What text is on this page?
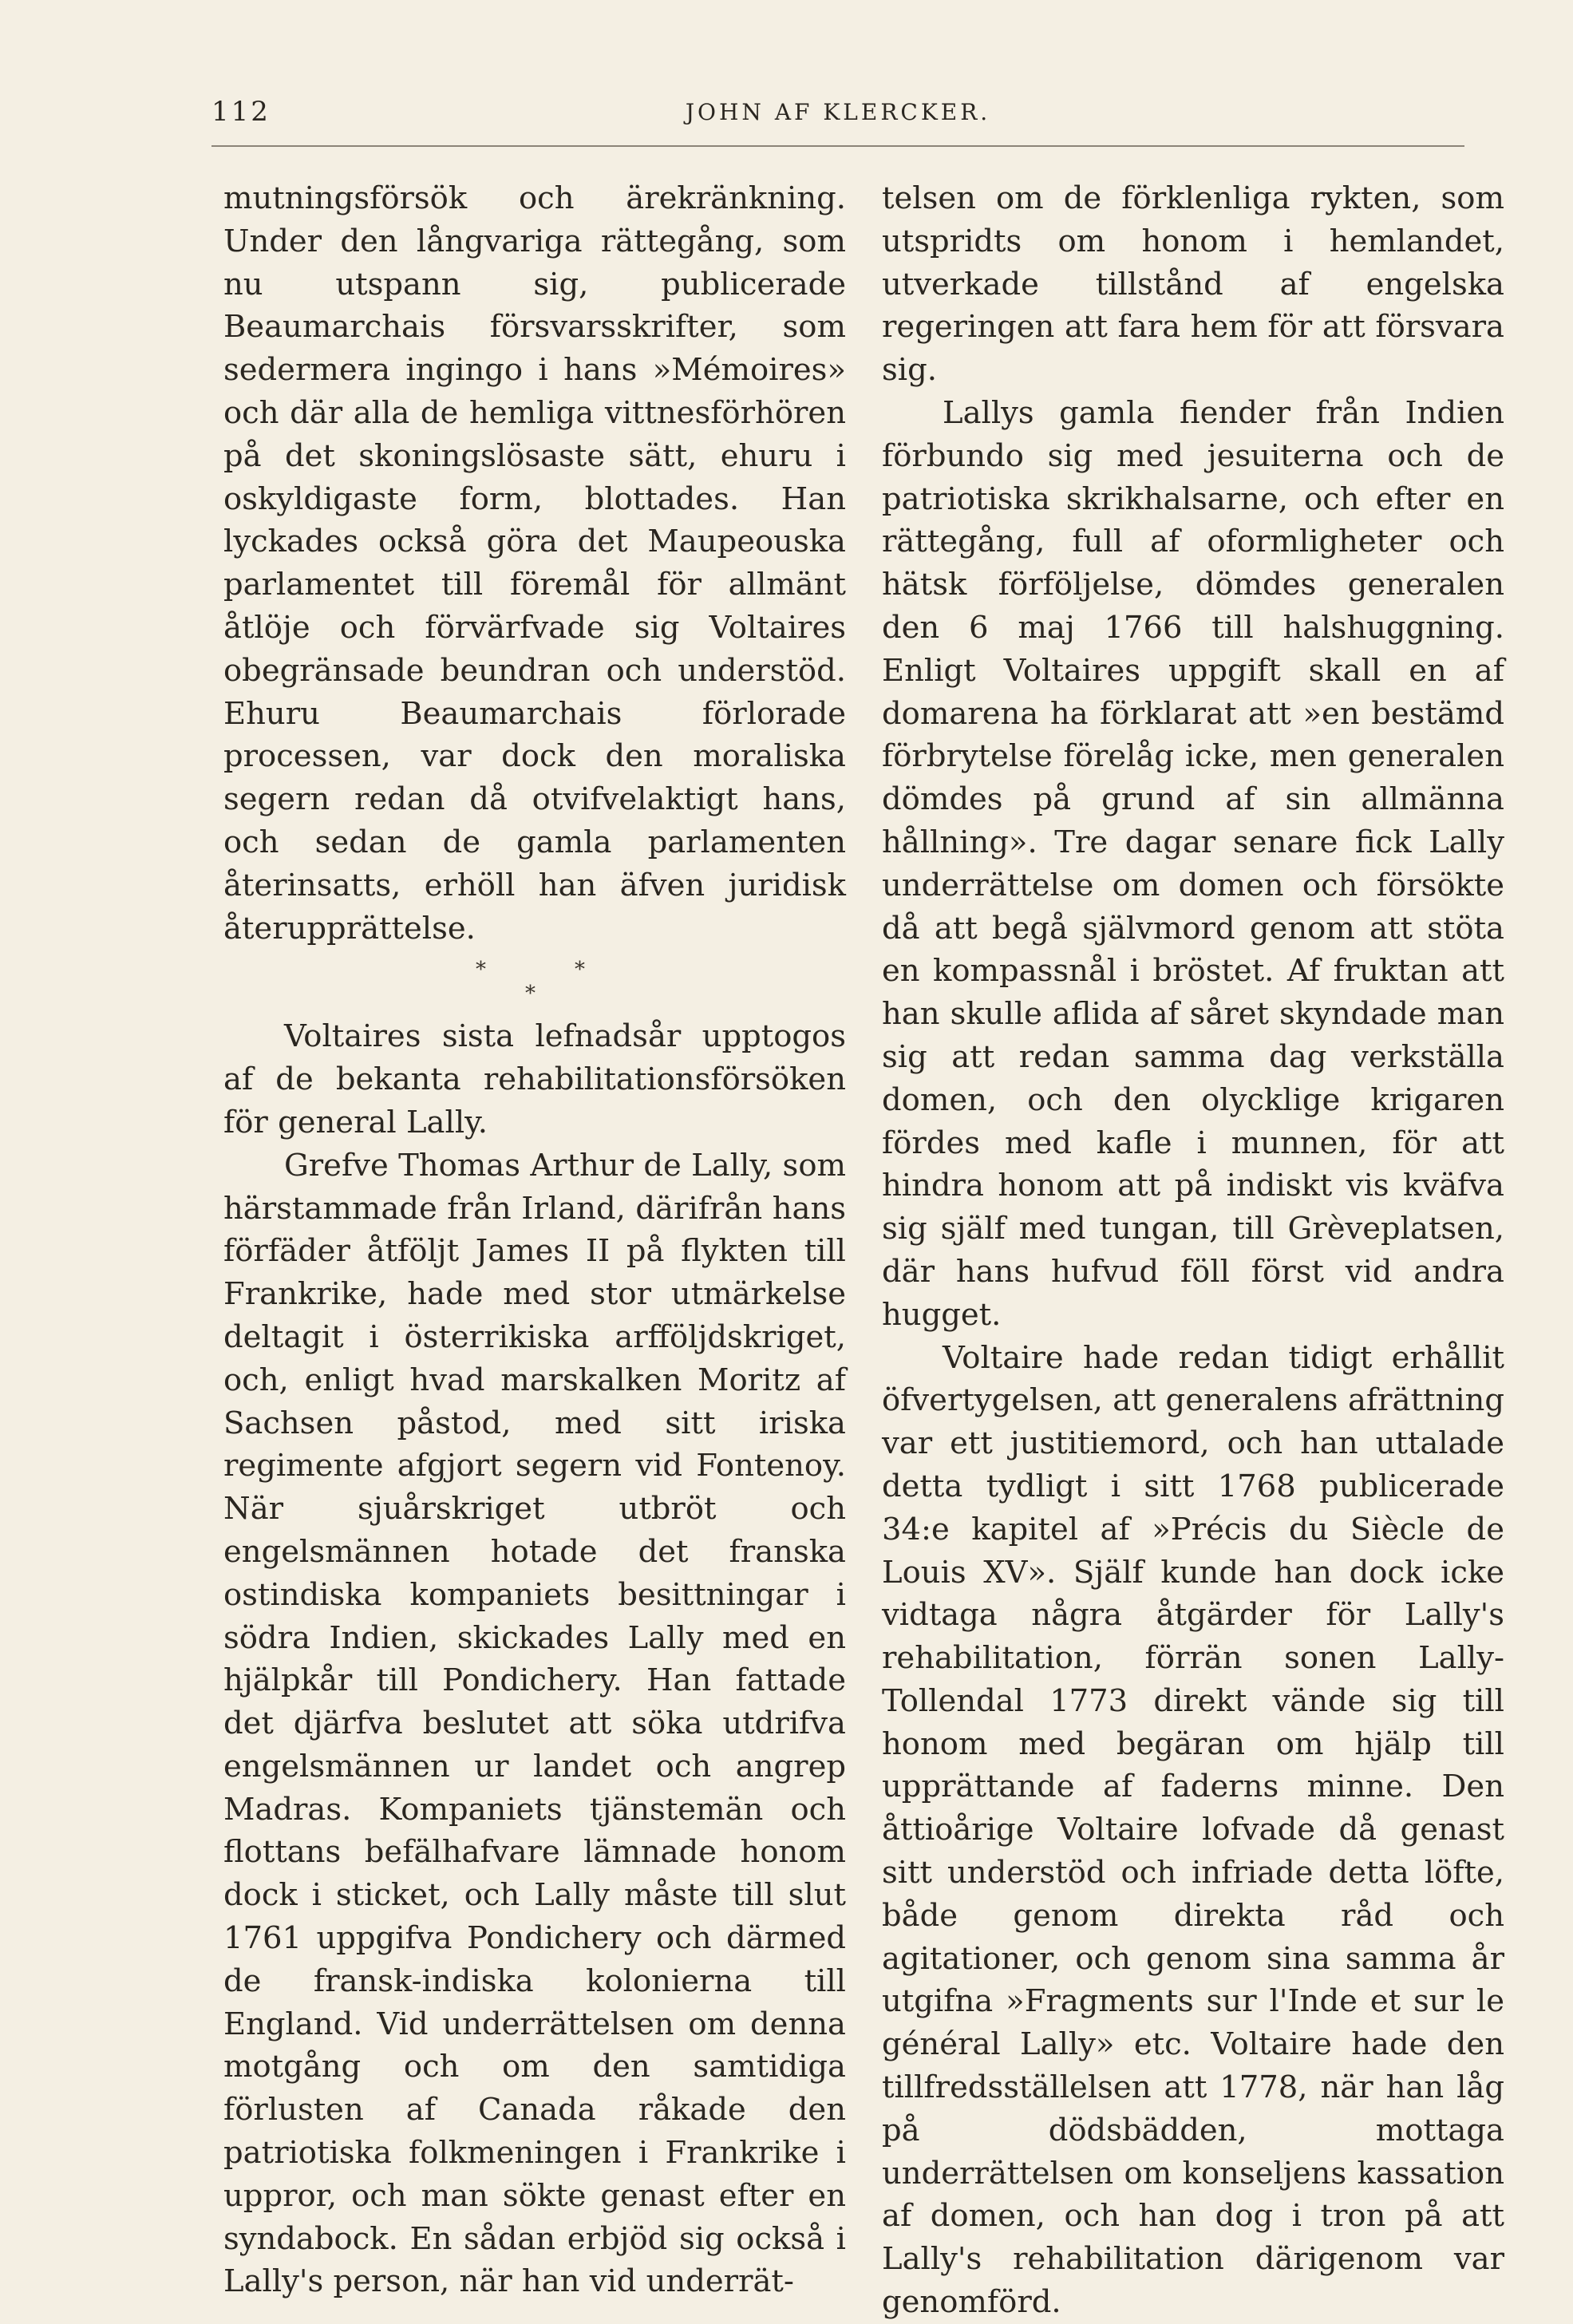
112	JOHN AF KLERCKER.

mutningsförsök och ärekränkning. Under den långvariga rättegång, som nu utspann sig, publicerade Beaumarchais försvarsskrifter, som sedermera ingingo i hans »Mémoires» och där alla de hemliga vittnesförhören på det skoningslösaste sätt, ehuru i oskyldigaste form, blottades. Han lyckades också göra det Maupeouska parlamentet till föremål för allmänt åtlöje och förvärfvade sig Voltaires obegränsade beundran och understöd. Ehuru Beaumarchais förlorade processen, var dock den moraliska segern redan då otvifvelaktigt hans, och sedan de gamla parlamenten återinsatts, erhöll han äfven juridisk återupprättelse.

*	*
*

Voltaires sista lefnadsår upptogos af de bekanta rehabilitationsförsöken för general Lally.

Grefve Thomas Arthur de Lally, som härstammade från Irland, därifrån hans förfäder åtföljt James II på flykten till Frankrike, hade med stor utmärkelse deltagit i österrikiska arfföljdskriget, och, enligt hvad marskalken Moritz af Sachsen påstod, med sitt iriska regimente afgjort segern vid Fontenoy. När sjuårskriget utbröt och engelsmännen hotade det franska ostindiska kompaniets besittningar i södra Indien, skickades Lally med en hjälpkår till Pondichery. Han fattade det djärfva beslutet att söka utdrifva engelsmännen ur landet och angrep Madras. Kompaniets tjänstemän och flottans befälhafvare lämnade honom dock i sticket, och Lally måste till slut 1761 uppgifva Pondichery och därmed de fransk-indiska kolonierna till England. Vid underrättelsen om denna motgång och om den samtidiga förlusten af Canada råkade den patriotiska folkmeningen i Frankrike i uppror, och man sökte genast efter en syndabock. En sådan erbjöd sig också i Lally's person, när han vid underrät-

telsen om de förklenliga rykten, som utspridts om honom i hemlandet, utverkade tillstånd af engelska regeringen att fara hem för att försvara sig.

Lallys gamla fiender från Indien förbundo sig med jesuiterna och de patriotiska skrikhalsarne, och efter en rättegång, full af oformligheter och hätsk förföljelse, dömdes generalen den 6 maj 1766 till halshuggning. Enligt Voltaires uppgift skall en af domarena ha förklarat att »en bestämd förbrytelse förelåg icke, men generalen dömdes på grund af sin allmänna hållning». Tre dagar senare fick Lally underrättelse om domen och försökte då att begå självmord genom att stöta en kompassnål i bröstet. Af fruktan att han skulle aflida af såret skyndade man sig att redan samma dag verkställa domen, och den olycklige krigaren fördes med kafle i munnen, för att hindra honom att på indiskt vis kväfva sig själf med tungan, till Grèveplatsen, där hans hufvud föll först vid andra hugget.

Voltaire hade redan tidigt erhållit öfvertygelsen, att generalens afrättning var ett justitiemord, och han uttalade detta tydligt i sitt 1768 publicerade 34:e kapitel af »Précis du Siècle de Louis XV». Själf kunde han dock icke vidtaga några åtgärder för Lally's rehabilitation, förrän sonen Lally-Tollendal 1773 direkt vände sig till honom med begäran om hjälp till upprättande af faderns minne. Den åttioårige Voltaire lofvade då genast sitt understöd och infriade detta löfte, både genom direkta råd och agitationer, och genom sina samma år utgifna »Fragments sur l'Inde et sur le général Lally» etc. Voltaire hade den tillfredsställelsen att 1778, när han låg på dödsbädden, mottaga underrättelsen om konseljens kassation af domen, och han dog i tron på att Lally's rehabilitation därigenom var genomförd.
